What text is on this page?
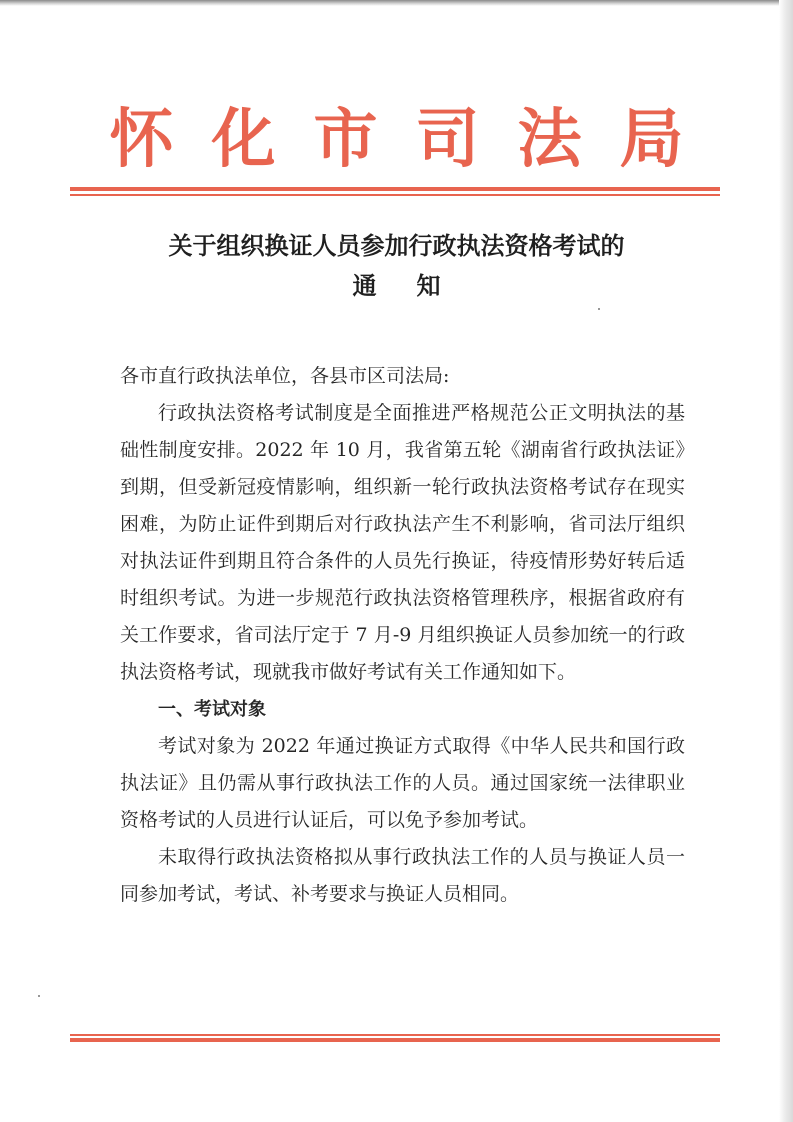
怀化市司法局
关于组织换证人员参加行政执法资格考试的
通知

各市直行政执法单位，各县市区司法局:

行政执法资格考试制度是全面推进严格规范公正文明执法的基础性制度安排。2022 年 10 月，我省第五轮《湖南省行政执法证》到期，但受新冠疫情影响，组织新一轮行政执法资格考试存在现实困难，为防止证件到期后对行政执法产生不利影响，省司法厅组织对执法证件到期且符合条件的人员先行换证，待疫情形势好转后适时组织考试。为进一步规范行政执法资格管理秩序，根据省政府有关工作要求，省司法厅定于 7 月-9 月组织换证人员参加统一的行政执法资格考试，现就我市做好考试有关工作通知如下。

一、考试对象

考试对象为 2022 年通过换证方式取得《中华人民共和国行政执法证》且仍需从事行政执法工作的人员。通过国家统一法律职业资格考试的人员进行认证后，可以免予参加考试。

未取得行政执法资格拟从事行政执法工作的人员与换证人员一同参加考试，考试、补考要求与换证人员相同。
